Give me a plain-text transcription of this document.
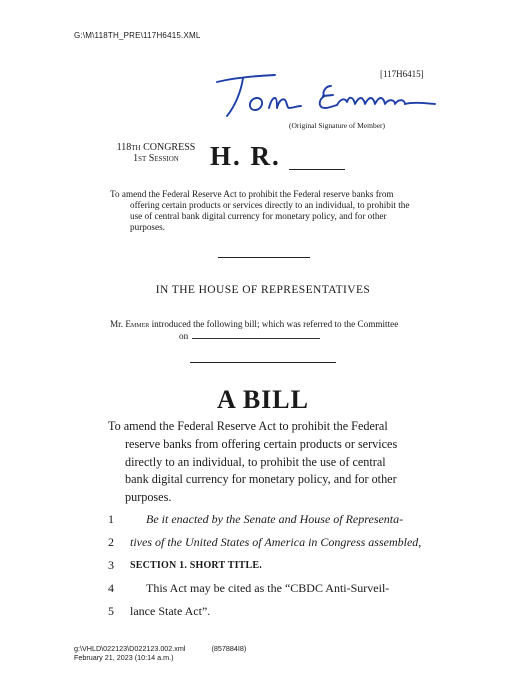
G:\M\118TH_PRE\117H6415.XML
[117H6415]
(Original Signature of Member)
118th CONGRESS
1st Session	H. R.

To amend the Federal Reserve Act to prohibit the Federal reserve banks from offering certain products or services directly to an individual, to prohibit the use of central bank digital currency for monetary policy, and for other purposes.

IN THE HOUSE OF REPRESENTATIVES
Mr. Emmer introduced the following bill; which was referred to the Committee
on
A BILL
To amend the Federal Reserve Act to prohibit the Federal
reserve banks from offering certain products or services
directly to an individual, to prohibit the use of central
bank digital currency for monetary policy, and for other
purposes.
1	Be it enacted by the Senate and House of Representa-
2	tives of the United States of America in Congress assembled,
3	SECTION 1. SHORT TITLE.
4	This Act may be cited as the “CBDC Anti-Surveil-
5	lance State Act”.
g:\VHLD\022123\D022123.002.xml	(857884I8)
February 21, 2023 (10:14 a.m.)
